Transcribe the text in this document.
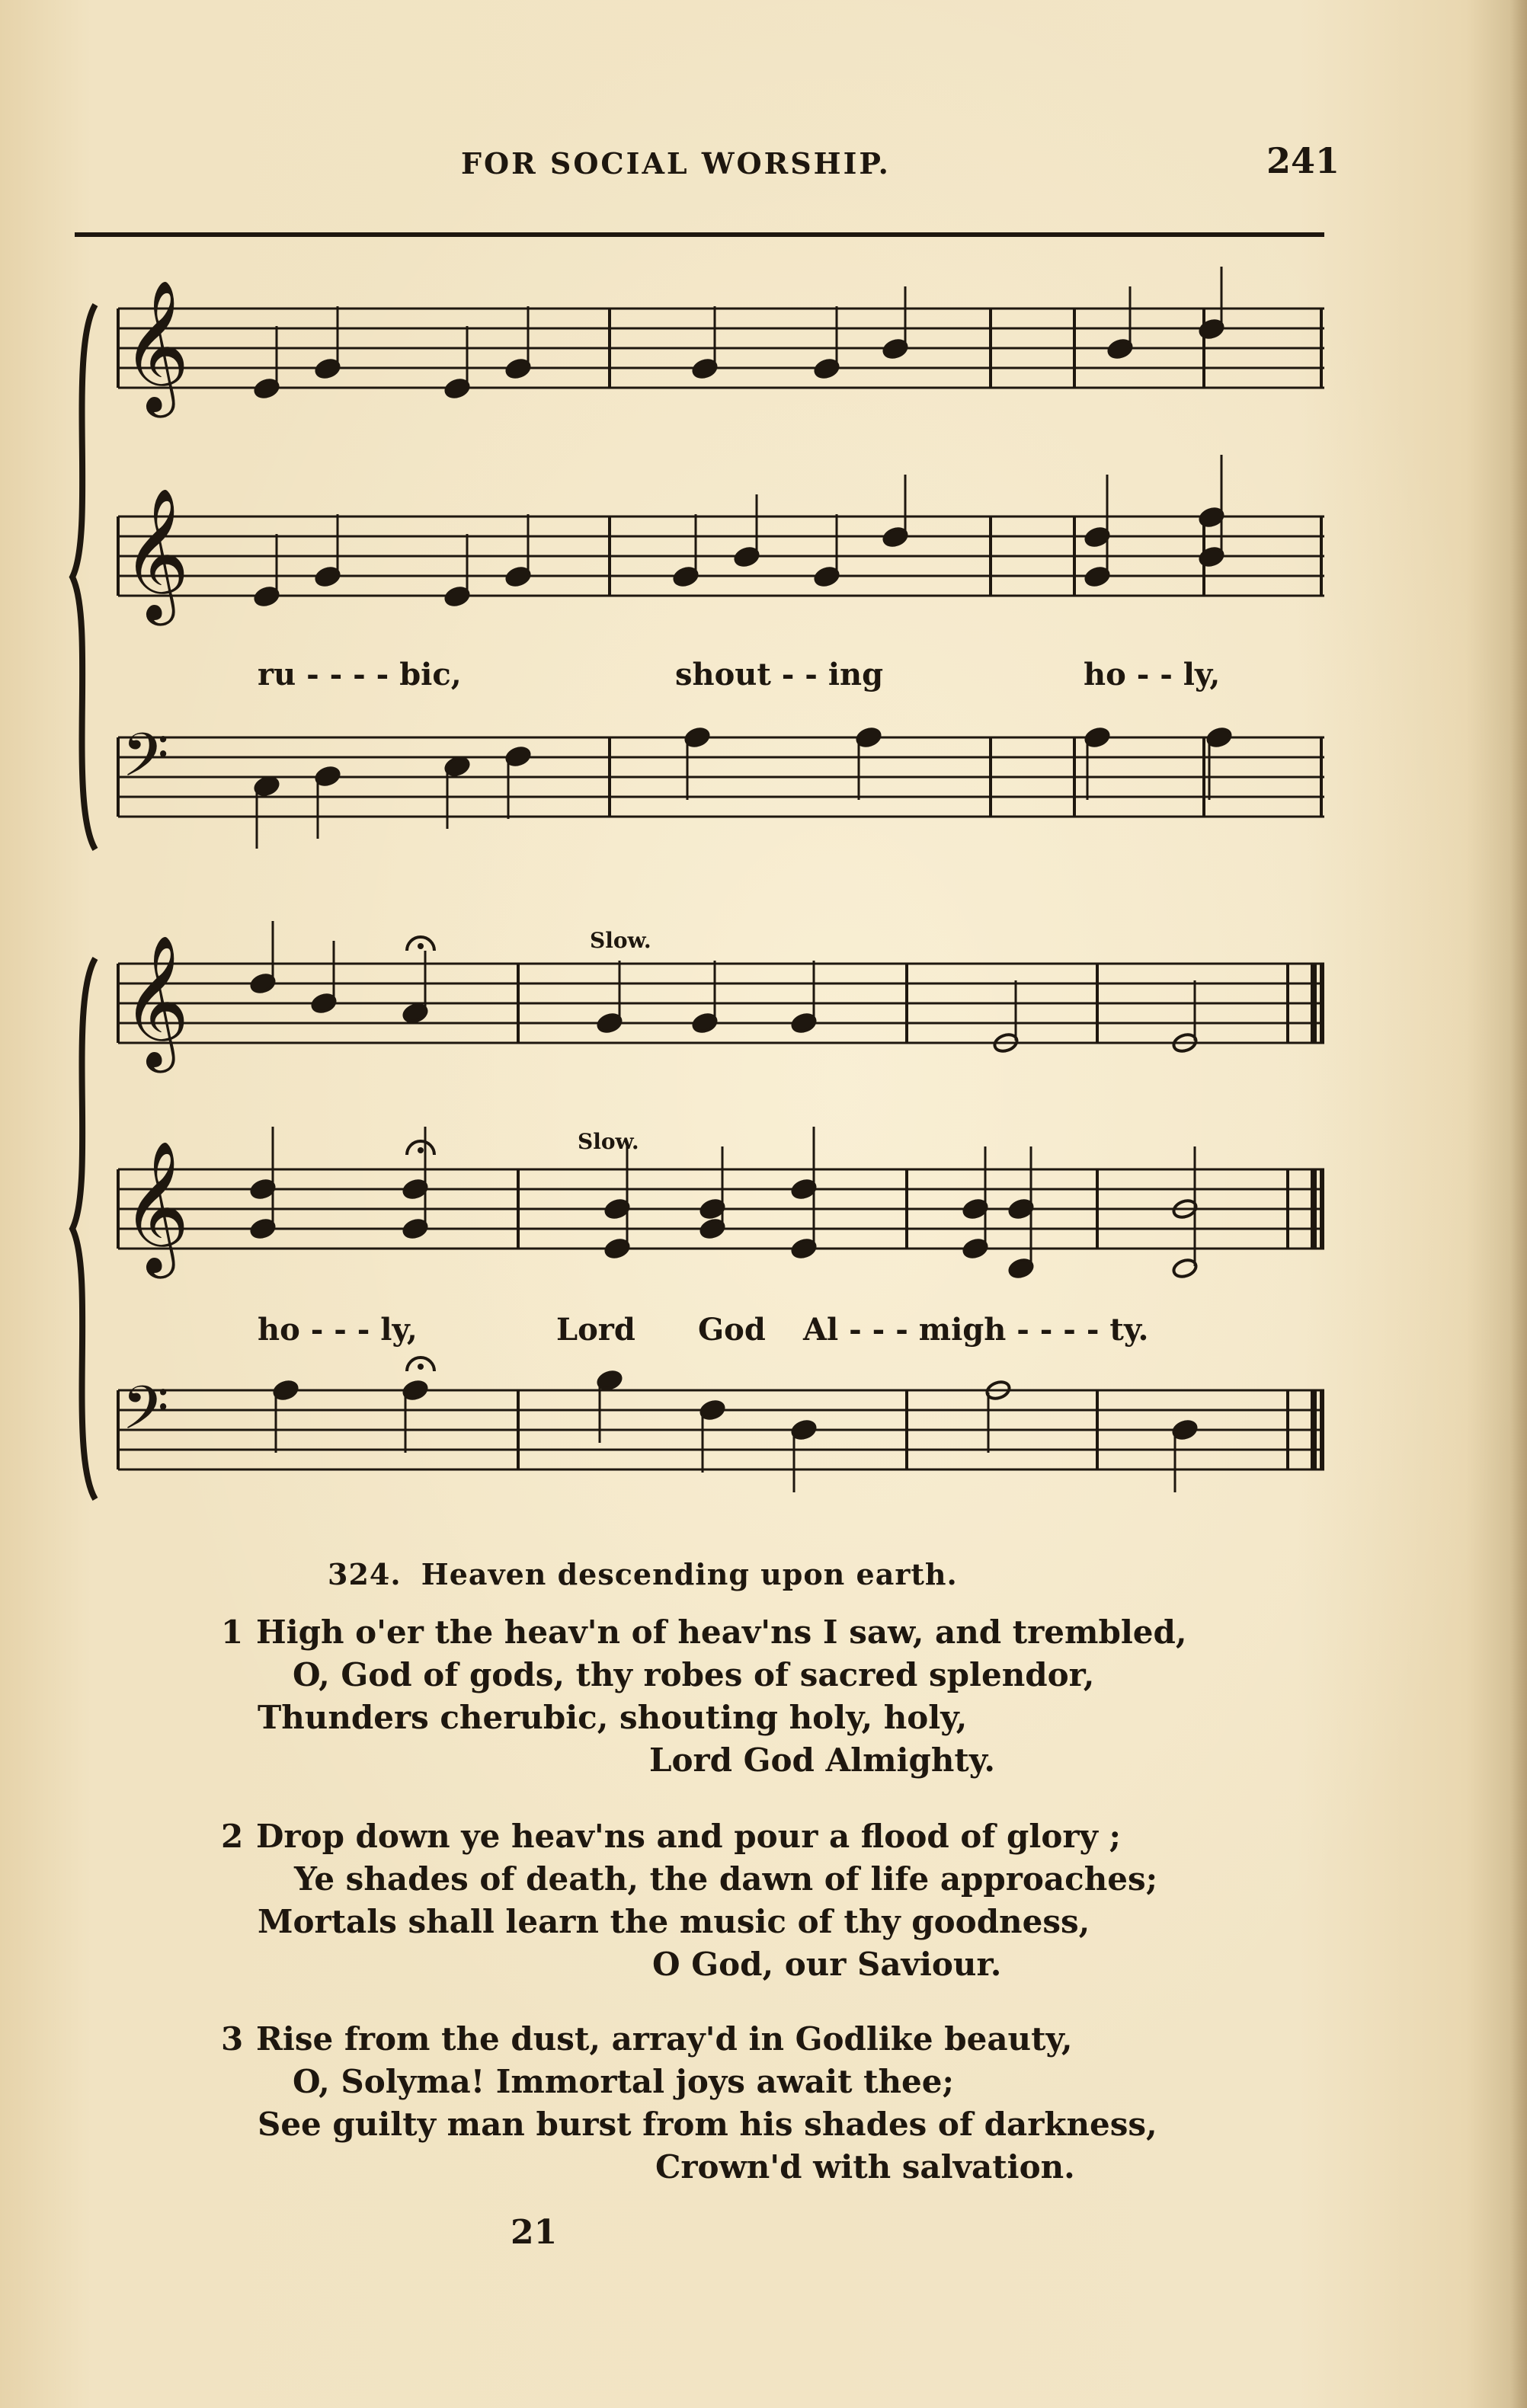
FOR SOCIAL WORSHIP.	241
𝄞
𝄞
𝄢
𝄞
𝄞
𝄢
ru - - - - bic,	shout - - ing	ho - - ly,
Slow.
Slow.
ho - - - ly,	Lord God Al - - - migh - - - - ty.
324. Heaven descending upon earth.
1 High o'er the heav'n of heav'ns I saw, and trembled,
O, God of gods, thy robes of sacred splendor,
Thunders cherubic, shouting holy, holy,
Lord God Almighty.
2 Drop down ye heav'ns and pour a flood of glory ;
Ye shades of death, the dawn of life approaches;
Mortals shall learn the music of thy goodness,
O God, our Saviour.
3 Rise from the dust, array'd in Godlike beauty,
O, Solyma! Immortal joys await thee;
See guilty man burst from his shades of darkness,
Crown'd with salvation.
21
